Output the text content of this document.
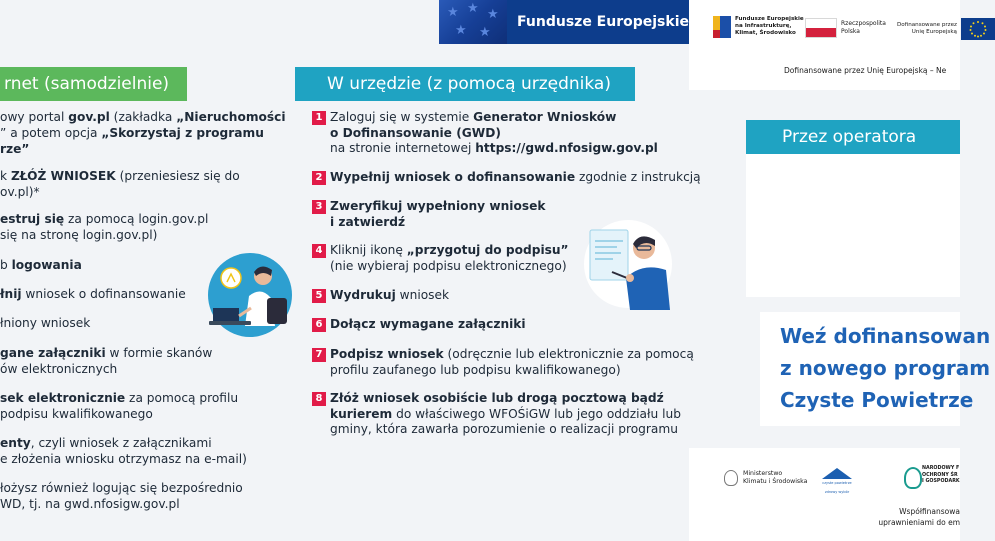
★ ★ ★
★ ★
Fundusze Europejskie	Fundusze Europejskie na Infrastrukturę, Klimat, Środowisko
Rzeczpospolita Polska
Dofinansowane przez Unię Europejską
Dofinansowane przez Unię Europejską – Ne
rnet (samodzielnie)
owy portal gov.pl (zakładka „Nieruchomości
” a potem opcja „Skorzystaj z programu
rze”
k ZŁÓŻ WNIOSEK (przeniesiesz się do
ov.pl)*
estruj się za pomocą login.gov.pl
się na stronę login.gov.pl)
b logowania
łnij wniosek o dofinansowanie
łniony wniosek
gane załączniki w formie skanów
ów elektronicznych
sek elektronicznie za pomocą profilu
podpisu kwalifikowanego
enty, czyli wniosek z załącznikami
e złożenia wniosku otrzymasz na e-mail)
łożysz również logując się bezpośrednio
WD, tj. na gwd.nfosigw.gov.pl
W urzędzie (z pomocą urzędnika)
1 Zaloguj się w systemie Generator Wniosków
o Dofinansowanie (GWD)
na stronie internetowej https://gwd.nfosigw.gov.pl
2 Wypełnij wniosek o dofinansowanie zgodnie z instrukcją
3 Zweryfikuj wypełniony wniosek
i zatwierdź
4 Kliknij ikonę „przygotuj do podpisu”
(nie wybieraj podpisu elektronicznego)
5 Wydrukuj wniosek
6 Dołącz wymagane załączniki
7 Podpisz wniosek (odręcznie lub elektronicznie za pomocą
profilu zaufanego lub podpisu kwalifikowanego)
8 Złóż wniosek osobiście lub drogą pocztową bądź
kurierem do właściwego WFOŚiGW lub jego oddziału lub
gminy, która zawarła porozumienie o realizacji programu
Przez operatora
Weź dofinansowan
z nowego program
Czyste Powietrze
Ministerstwo
Klimatu i Środowiska	czyste powietrze zdrowy wybór
NARODOWY F
OCHRONY ŚR
I GOSPODARK
Współfinansowa
uprawnieniami do em
